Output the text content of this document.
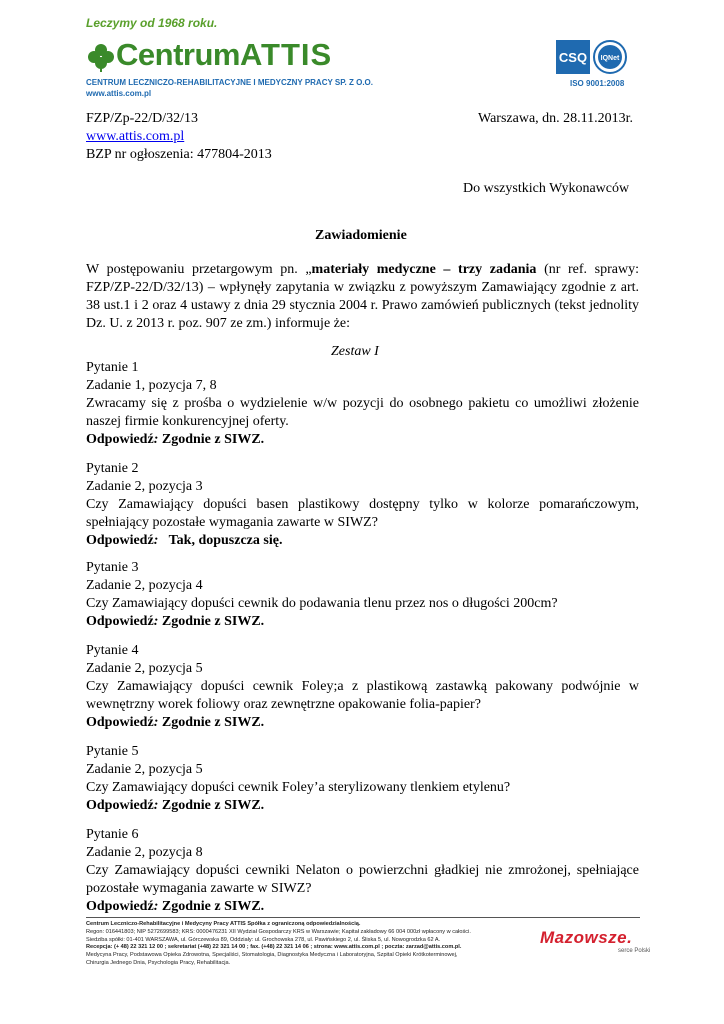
Leczymy od 1968 roku.
CentrumATTIS
CENTRUM LECZNICZO-REHABILITACYJNE I MEDYCZNY PRACY SP. Z O.O.
www.attis.com.pl
CSQ IQNet
ISO 9001:2008
FZP/Zp-22/D/32/13	Warszawa, dn. 28.11.2013r.
www.attis.com.pl
BZP nr ogłoszenia: 477804-2013
Do wszystkich Wykonawców
Zawiadomienie
W postępowaniu przetargowym pn. „materiały medyczne – trzy zadania (nr ref. sprawy: FZP/ZP-22/D/32/13) – wpłynęły zapytania w związku z powyższym Zamawiający zgodnie z art. 38 ust.1 i 2 oraz 4 ustawy z dnia 29 stycznia 2004 r. Prawo zamówień publicznych (tekst jednolity Dz. U. z 2013 r. poz. 907 ze zm.) informuje że:
Zestaw I
Pytanie 1
Zadanie 1, pozycja 7, 8
Zwracamy się z prośba o wydzielenie w/w pozycji do osobnego pakietu co umożliwi złożenie naszej firmie konkurencyjnej oferty.
Odpowiedź: Zgodnie z SIWZ.
Pytanie 2
Zadanie 2, pozycja 3
Czy Zamawiający dopuści basen plastikowy dostępny tylko w kolorze pomarańczowym, spełniający pozostałe wymagania zawarte w SIWZ?
Odpowiedź: Tak, dopuszcza się.
Pytanie 3
Zadanie 2, pozycja 4
Czy Zamawiający dopuści cewnik do podawania tlenu przez nos o długości 200cm?
Odpowiedź: Zgodnie z SIWZ.
Pytanie 4
Zadanie 2, pozycja 5
Czy Zamawiający dopuści cewnik Foley;a z plastikową zastawką pakowany podwójnie w wewnętrzny worek foliowy oraz zewnętrzne opakowanie folia-papier?
Odpowiedź: Zgodnie z SIWZ.
Pytanie 5
Zadanie 2, pozycja 5
Czy Zamawiający dopuści cewnik Foley’a sterylizowany tlenkiem etylenu?
Odpowiedź: Zgodnie z SIWZ.
Pytanie 6
Zadanie 2, pozycja 8
Czy Zamawiający dopuści cewniki Nelaton o powierzchni gładkiej nie zmrożonej, spełniające pozostałe wymagania zawarte w SIWZ?
Odpowiedź: Zgodnie z SIWZ.
Centrum Leczniczo-Rehabilitacyjne i Medycyny Pracy ATTIS Spółka z ograniczoną odpowiedzialnością.
Regon: 016441803; NIP 5272699583; KRS: 0000476231 XII Wydział Gospodarczy KRS w Warszawie; Kapitał zakładowy 66 004 000zł wpłacony w całości.
Siedziba spółki: 01-401 WARSZAWA, ul. Górczewska 89, Oddziały: ul. Grochowska 278, ul. Pawińskiego 2, ul. Śliska 5, ul. Nowogrodzka 62 A.
Recepcja: (+ 48) 22 321 12 00 ; sekretariat (+48) 22 321 14 00 ; fax. (+48) 22 321 14 06 ; strona: www.attis.com.pl ; poczta: zarzad@attis.com.pl.
Medycyna Pracy, Podstawowa Opieka Zdrowotna, Specjaliści, Stomatologia, Diagnostyka Medyczna i Laboratoryjna, Szpital Opieki Krótkoterminowej,
Chirurgia Jednego Dnia, Psychologia Pracy, Rehabilitacja.
Mazowsze.
serce Polski
